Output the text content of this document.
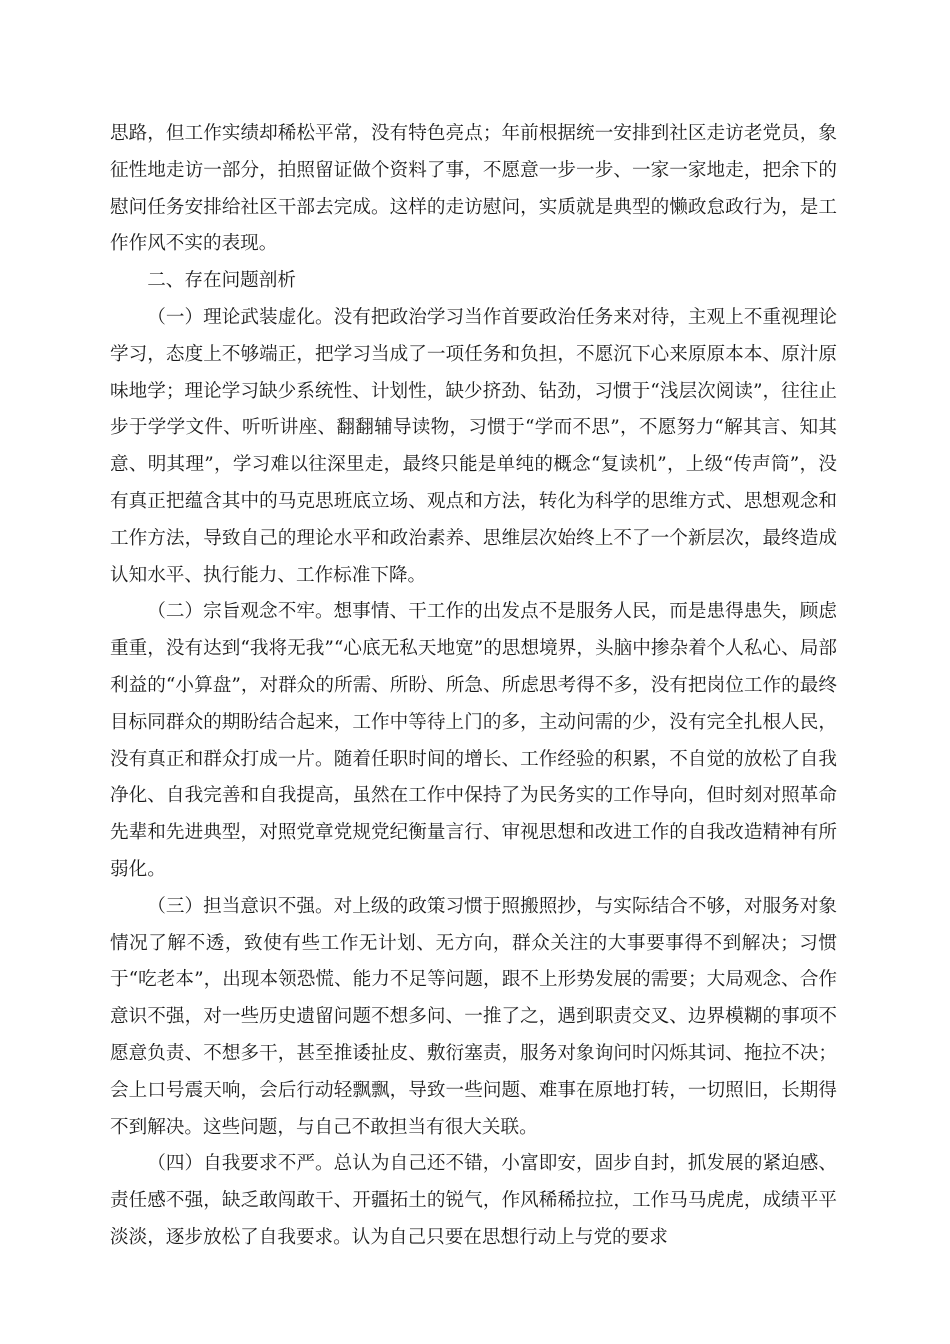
思路，但工作实绩却稀松平常，没有特色亮点；年前根据统一安排到社区走访老党员，象征性地走访一部分，拍照留证做个资料了事，不愿意一步一步、一家一家地走，把余下的慰问任务安排给社区干部去完成。这样的走访慰问，实质就是典型的懒政怠政行为，是工作作风不实的表现。

二、存在问题剖析

（一）理论武装虚化。没有把政治学习当作首要政治任务来对待，主观上不重视理论学习，态度上不够端正，把学习当成了一项任务和负担，不愿沉下心来原原本本、原汁原味地学；理论学习缺少系统性、计划性，缺少挤劲、钻劲，习惯于“浅层次阅读”，往往止步于学学文件、听听讲座、翻翻辅导读物，习惯于“学而不思”，不愿努力“解其言、知其意、明其理”，学习难以往深里走，最终只能是单纯的概念“复读机”，上级“传声筒”，没有真正把蕴含其中的马克思班底立场、观点和方法，转化为科学的思维方式、思想观念和工作方法，导致自己的理论水平和政治素养、思维层次始终上不了一个新层次，最终造成认知水平、执行能力、工作标准下降。

（二）宗旨观念不牢。想事情、干工作的出发点不是服务人民，而是患得患失，顾虑重重，没有达到“我将无我”“心底无私天地宽”的思想境界，头脑中掺杂着个人私心、局部利益的“小算盘”，对群众的所需、所盼、所急、所虑思考得不多，没有把岗位工作的最终目标同群众的期盼结合起来，工作中等待上门的多，主动问需的少，没有完全扎根人民，没有真正和群众打成一片。随着任职时间的增长、工作经验的积累，不自觉的放松了自我净化、自我完善和自我提高，虽然在工作中保持了为民务实的工作导向，但时刻对照革命先辈和先进典型，对照党章党规党纪衡量言行、审视思想和改进工作的自我改造精神有所弱化。

（三）担当意识不强。对上级的政策习惯于照搬照抄，与实际结合不够，对服务对象情况了解不透，致使有些工作无计划、无方向，群众关注的大事要事得不到解决；习惯于“吃老本”，出现本领恐慌、能力不足等问题，跟不上形势发展的需要；大局观念、合作意识不强，对一些历史遗留问题不想多问、一推了之，遇到职责交叉、边界模糊的事项不愿意负责、不想多干，甚至推诿扯皮、敷衍塞责，服务对象询问时闪烁其词、拖拉不决；会上口号震天响，会后行动轻飘飘，导致一些问题、难事在原地打转，一切照旧，长期得不到解决。这些问题，与自己不敢担当有很大关联。

（四）自我要求不严。总认为自己还不错，小富即安，固步自封，抓发展的紧迫感、责任感不强，缺乏敢闯敢干、开疆拓土的锐气，作风稀稀拉拉，工作马马虎虎，成绩平平淡淡，逐步放松了自我要求。认为自己只要在思想行动上与党的要求
